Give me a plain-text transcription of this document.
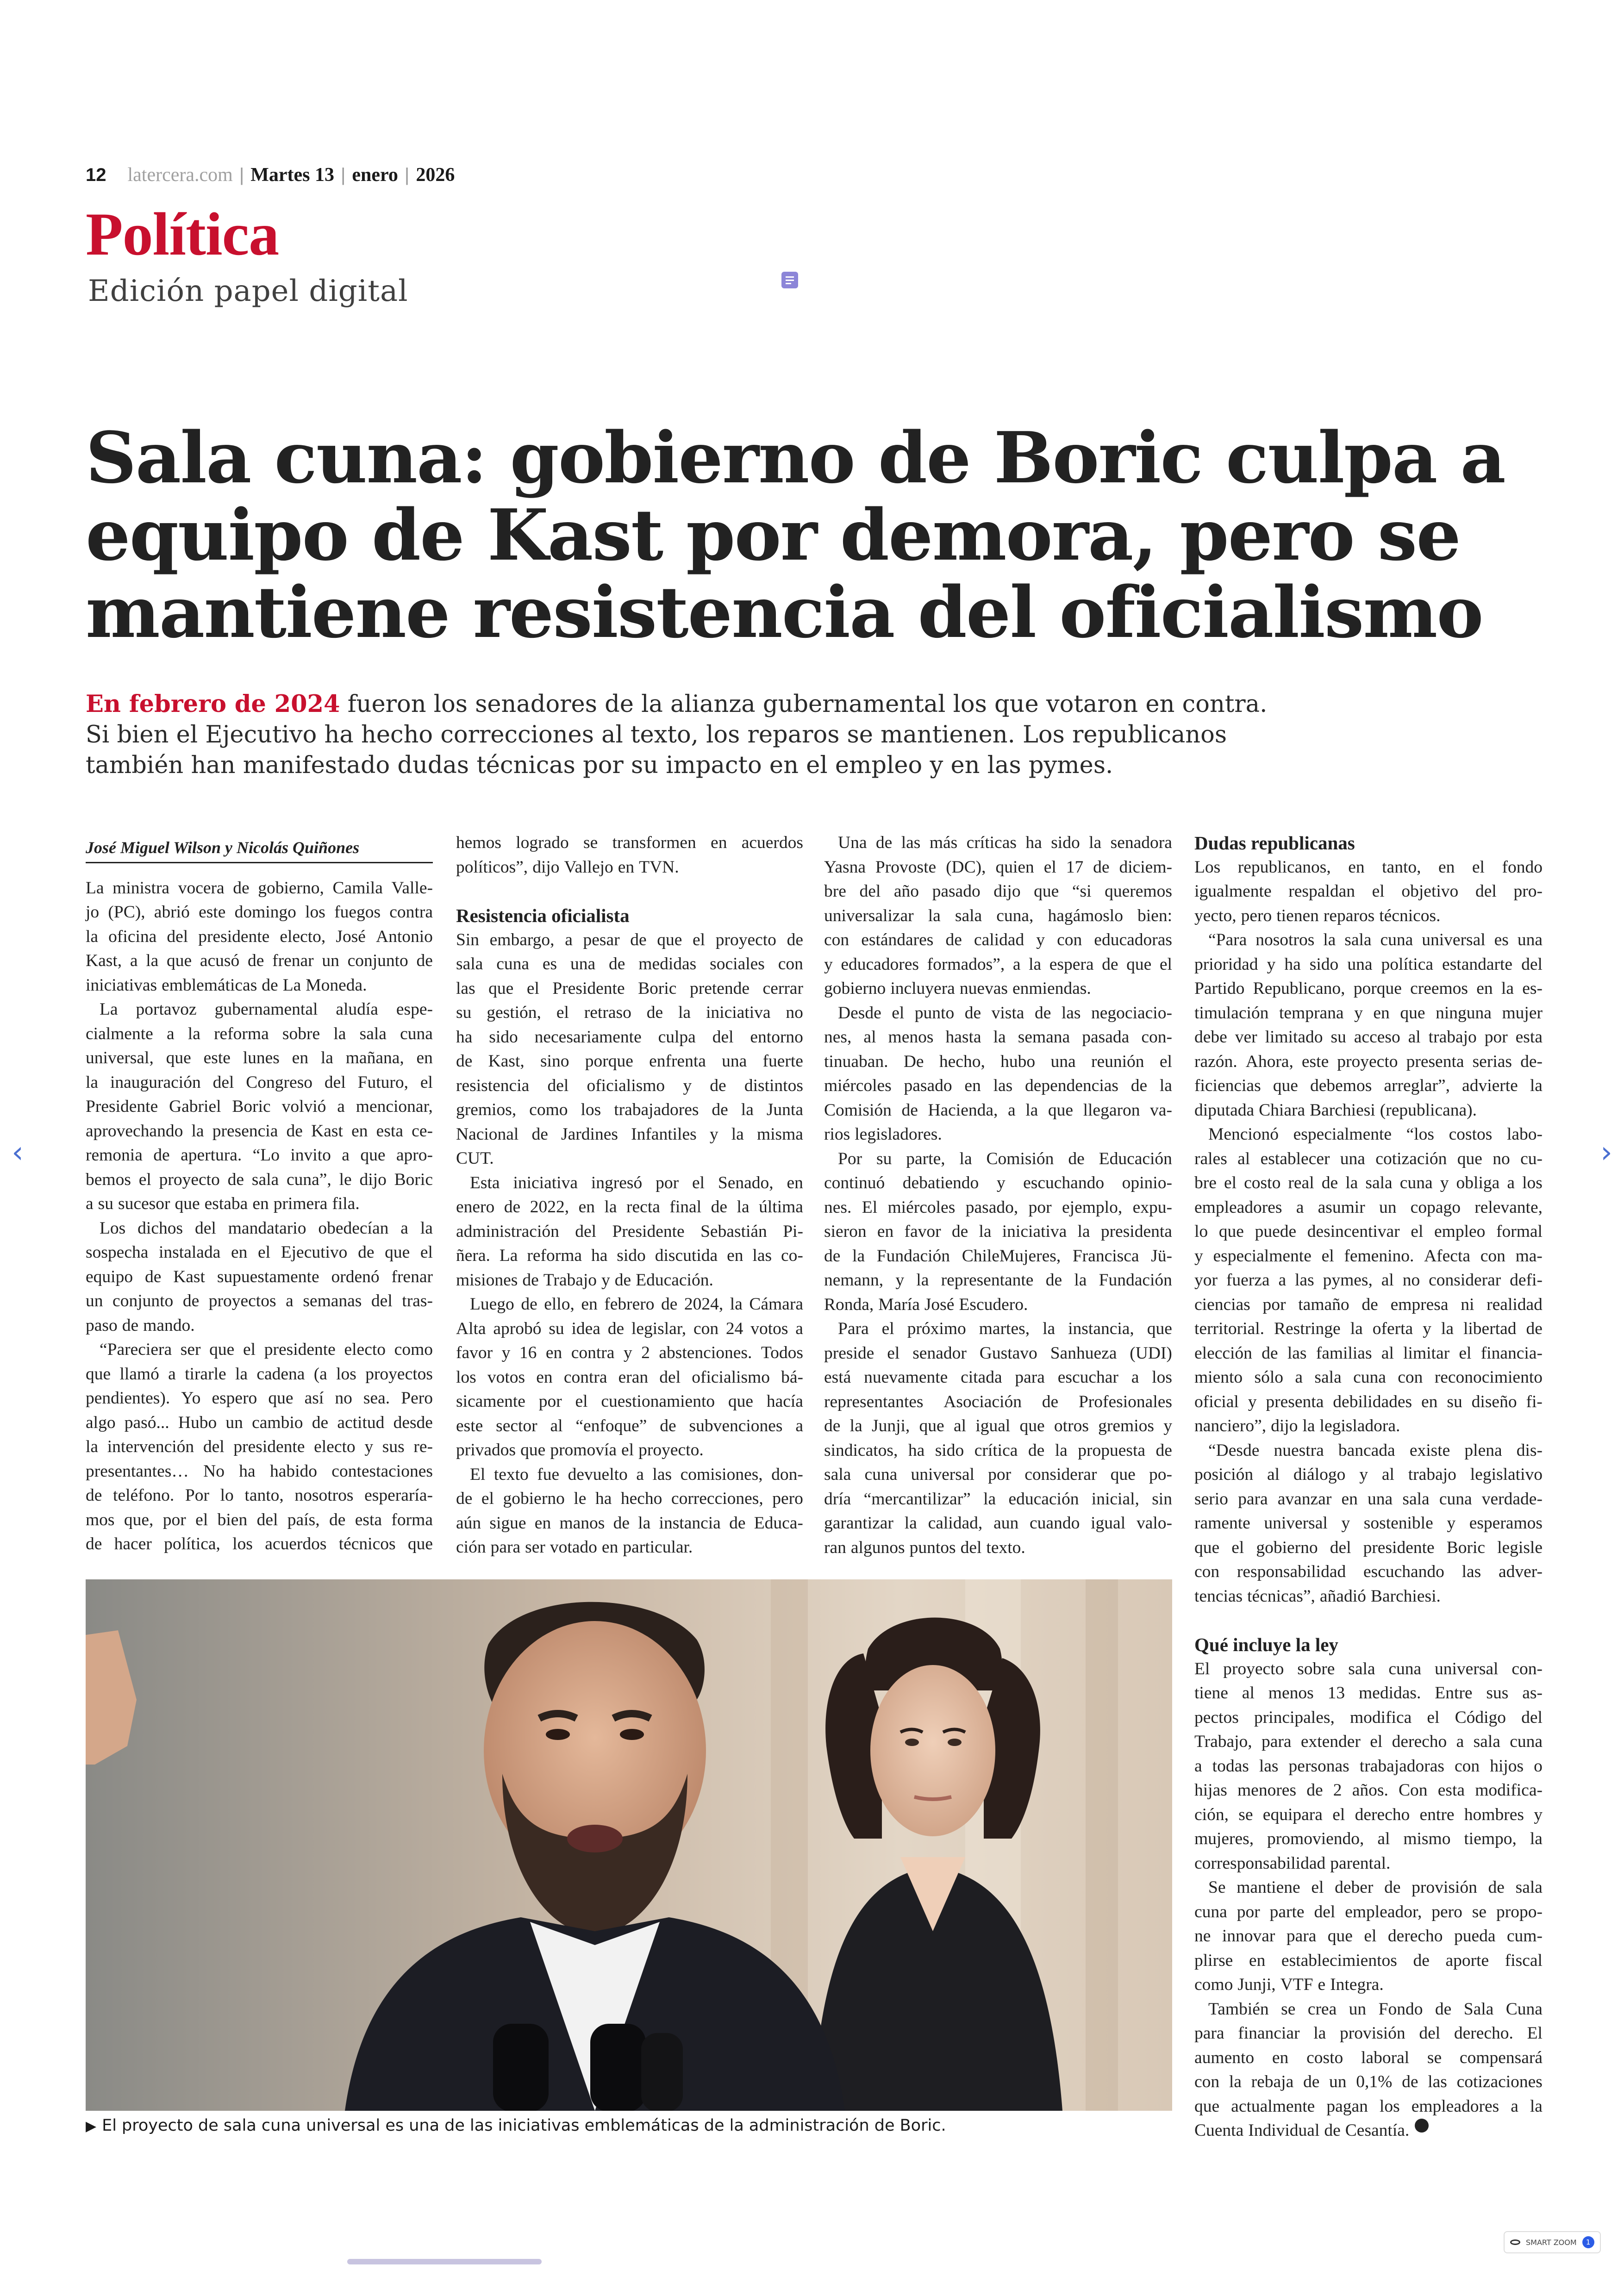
12 latercera.com | Martes 13 | enero | 2026
Política
Edición papel digital
Sala cuna: gobierno de Boric culpa a
equipo de Kast por demora, pero se
mantiene resistencia del oficialismo
En febrero de 2024 fueron los senadores de la alianza gubernamental los que votaron en contra.
Si bien el Ejecutivo ha hecho correcciones al texto, los reparos se mantienen. Los republicanos
también han manifestado dudas técnicas por su impacto en el empleo y en las pymes.
José Miguel Wilson y Nicolás Quiñones
La ministra vocera de gobierno, Camila Valle-
jo (PC), abrió este domingo los fuegos contra
la oficina del presidente electo, José Antonio
Kast, a la que acusó de frenar un conjunto de
iniciativas emblemáticas de La Moneda.
La portavoz gubernamental aludía espe-
cialmente a la reforma sobre la sala cuna
universal, que este lunes en la mañana, en
la inauguración del Congreso del Futuro, el
Presidente Gabriel Boric volvió a mencionar,
aprovechando la presencia de Kast en esta ce-
remonia de apertura. “Lo invito a que apro-
bemos el proyecto de sala cuna”, le dijo Boric
a su sucesor que estaba en primera fila.
Los dichos del mandatario obedecían a la
sospecha instalada en el Ejecutivo de que el
equipo de Kast supuestamente ordenó frenar
un conjunto de proyectos a semanas del tras-
paso de mando.
“Pareciera ser que el presidente electo como
que llamó a tirarle la cadena (a los proyectos
pendientes). Yo espero que así no sea. Pero
algo pasó... Hubo un cambio de actitud desde
la intervención del presidente electo y sus re-
presentantes… No ha habido contestaciones
de teléfono. Por lo tanto, nosotros esperaría-
mos que, por el bien del país, de esta forma
de hacer política, los acuerdos técnicos que
hemos logrado se transformen en acuerdos
políticos”, dijo Vallejo en TVN.
Resistencia oficialista
Sin embargo, a pesar de que el proyecto de
sala cuna es una de medidas sociales con
las que el Presidente Boric pretende cerrar
su gestión, el retraso de la iniciativa no
ha sido necesariamente culpa del entorno
de Kast, sino porque enfrenta una fuerte
resistencia del oficialismo y de distintos
gremios, como los trabajadores de la Junta
Nacional de Jardines Infantiles y la misma
CUT.
Esta iniciativa ingresó por el Senado, en
enero de 2022, en la recta final de la última
administración del Presidente Sebastián Pi-
ñera. La reforma ha sido discutida en las co-
misiones de Trabajo y de Educación.
Luego de ello, en febrero de 2024, la Cámara
Alta aprobó su idea de legislar, con 24 votos a
favor y 16 en contra y 2 abstenciones. Todos
los votos en contra eran del oficialismo bá-
sicamente por el cuestionamiento que hacía
este sector al “enfoque” de subvenciones a
privados que promovía el proyecto.
El texto fue devuelto a las comisiones, don-
de el gobierno le ha hecho correcciones, pero
aún sigue en manos de la instancia de Educa-
ción para ser votado en particular.
Una de las más críticas ha sido la senadora
Yasna Provoste (DC), quien el 17 de diciem-
bre del año pasado dijo que “si queremos
universalizar la sala cuna, hagámoslo bien:
con estándares de calidad y con educadoras
y educadores formados”, a la espera de que el
gobierno incluyera nuevas enmiendas.
Desde el punto de vista de las negociacio-
nes, al menos hasta la semana pasada con-
tinuaban. De hecho, hubo una reunión el
miércoles pasado en las dependencias de la
Comisión de Hacienda, a la que llegaron va-
rios legisladores.
Por su parte, la Comisión de Educación
continuó debatiendo y escuchando opinio-
nes. El miércoles pasado, por ejemplo, expu-
sieron en favor de la iniciativa la presidenta
de la Fundación ChileMujeres, Francisca Jü-
nemann, y la representante de la Fundación
Ronda, María José Escudero.
Para el próximo martes, la instancia, que
preside el senador Gustavo Sanhueza (UDI)
está nuevamente citada para escuchar a los
representantes Asociación de Profesionales
de la Junji, que al igual que otros gremios y
sindicatos, ha sido crítica de la propuesta de
sala cuna universal por considerar que po-
dría “mercantilizar” la educación inicial, sin
garantizar la calidad, aun cuando igual valo-
ran algunos puntos del texto.
Dudas republicanas
Los republicanos, en tanto, en el fondo
igualmente respaldan el objetivo del pro-
yecto, pero tienen reparos técnicos.
“Para nosotros la sala cuna universal es una
prioridad y ha sido una política estandarte del
Partido Republicano, porque creemos en la es-
timulación temprana y en que ninguna mujer
debe ver limitado su acceso al trabajo por esta
razón. Ahora, este proyecto presenta serias de-
ficiencias que debemos arreglar”, advierte la
diputada Chiara Barchiesi (republicana).
Mencionó especialmente “los costos labo-
rales al establecer una cotización que no cu-
bre el costo real de la sala cuna y obliga a los
empleadores a asumir un copago relevante,
lo que puede desincentivar el empleo formal
y especialmente el femenino. Afecta con ma-
yor fuerza a las pymes, al no considerar defi-
ciencias por tamaño de empresa ni realidad
territorial. Restringe la oferta y la libertad de
elección de las familias al limitar el financia-
miento sólo a sala cuna con reconocimiento
oficial y presenta debilidades en su diseño fi-
nanciero”, dijo la legisladora.
“Desde nuestra bancada existe plena dis-
posición al diálogo y al trabajo legislativo
serio para avanzar en una sala cuna verdade-
ramente universal y sostenible y esperamos
que el gobierno del presidente Boric legisle
con responsabilidad escuchando las adver-
tencias técnicas”, añadió Barchiesi.
Qué incluye la ley
El proyecto sobre sala cuna universal con-
tiene al menos 13 medidas. Entre sus as-
pectos principales, modifica el Código del
Trabajo, para extender el derecho a sala cuna
a todas las personas trabajadoras con hijos o
hijas menores de 2 años. Con esta modifica-
ción, se equipara el derecho entre hombres y
mujeres, promoviendo, al mismo tiempo, la
corresponsabilidad parental.
Se mantiene el deber de provisión de sala
cuna por parte del empleador, pero se propo-
ne innovar para que el derecho pueda cum-
plirse en establecimientos de aporte fiscal
como Junji, VTF e Integra.
También se crea un Fondo de Sala Cuna
para financiar la provisión del derecho. El
aumento en costo laboral se compensará
con la rebaja de un 0,1% de las cotizaciones
que actualmente pagan los empleadores a la
Cuenta Individual de Cesantía.
▶ El proyecto de sala cuna universal es una de las iniciativas emblemáticas de la administración de Boric.
‹	›
SMART ZOOM	1
